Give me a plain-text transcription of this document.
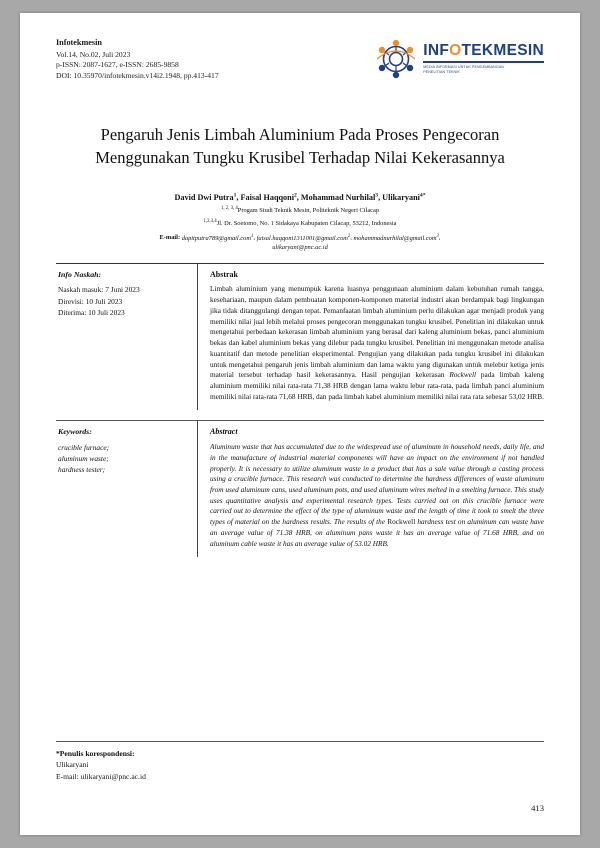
Infotekmesin
Vol.14, No.02, Juli 2023
p-ISSN: 2087-1627, e-ISSN: 2685-9858
DOI: 10.35970/infotekmesin.v14i2.1948, pp.413-417
INFOTEKMESIN
MEDIA INFORMASI UNTUK PENGEMBANGAN
PENELITIAN TEKNIK
Pengaruh Jenis Limbah Aluminium Pada Proses Pengecoran Menggunakan Tungku Krusibel Terhadap Nilai Kekerasannya
David Dwi Putra$^1$, Faisal Haqqoni$^2$, Mohammad Nurhilal$^3$, Ulikaryani$^{4*}$
$^{1, 2, 3, 4}$Progam Studi Teknik Mesin, Politeknik Negeri Cilacap
$^{1,2,3,4}$Jl. Dr. Soetomo, No. 1 Sidakaya Kabupaten Cilacap, 53212, Indonesia
E-mail: dapitputra789@gmail.com$^1$, faisal.haqqoni1311001@gmail.com$^2$, mohammadnurhilal@gmail.com$^3$,
ulikaryani@pnc.ac.id
Info Naskah:
Naskah masuk: 7 Juni 2023
Direvisi: 10 Juli 2023
Diterima: 10 Juli 2023
Abstrak

Limbah aluminium yang menumpuk karena luasnya penggunaan aluminium dalam kebutuhan rumah tangga, kesehariaan, maupun dalam pembuatan komponen-komponen material industri akan berdampak bagi lingkungan jika tidak ditanggulangi dengan tepat. Pemanfaatan limbah aluminium perlu dilakukan agar menjadi produk yang memiliki nilai jual lebih melalui proses pengecoran menggunakan tungku krusibel. Penelitian ini dilakukan untuk mengetahui perbedaan kekerasan limbah aluminium yang berasal dari kaleng aluminium bekas, panci aluminium bekas dan kabel aluminium bekas yang dilebur pada tungku krusibel. Penelitian ini menggunakan metode analisa kuantitatif dan metode penelitian eksperimental. Pengujian yang dilakukan pada tungku krusibel ini dilakukan untuk mengetahui pengaruh jenis limbah aluminium dan lama waktu yang digunakan untuk melebur ketiga jenis material tersebut terhadap hasil kekerasannya. Hasil pengujian kekerasan Rockwell pada limbah kaleng aluminium memiliki nilai rata-rata 71,38 HRB dengan lama waktu lebur rata-rata, pada limbah panci aluminium memiliki nilai rata-rata 71,68 HRB, dan pada limbah kabel aluminium memiliki nilai rata rata sebesar 53,02 HRB.

Keywords:
crucible furnace;
aluminum waste;
hardness tester;
Abstract

Aluminum waste that has accumulated due to the widespread use of aluminum in household needs, daily life, and in the manufacture of industrial material components will have an impact on the environment if not handled properly. It is necessary to utilize aluminum waste in a product that has a sale value through a casting process using a crucible furnace. This research was conducted to determine the hardness differences of waste aluminum from used aluminum cans, used aluminum pots, and used aluminum wires melted in a smelting furnace. This study uses quantitative analysis and experimental research types. Tests carried out on this crucible furnace were carried out to determine the effect of the type of aluminum waste and the length of time it took to smelt the three types of material on the hardness results. The results of the Rockwell hardness test on aluminum can waste have an average value of 71.38 HRB, on aluminum pans waste it has an average value of 71.68 HRB, and on aluminum cable waste it has an average value of 53.02 HRB.

*Penulis korespondensi:
Ulikaryani
E-mail: ulikaryani@pnc.ac.id
413
